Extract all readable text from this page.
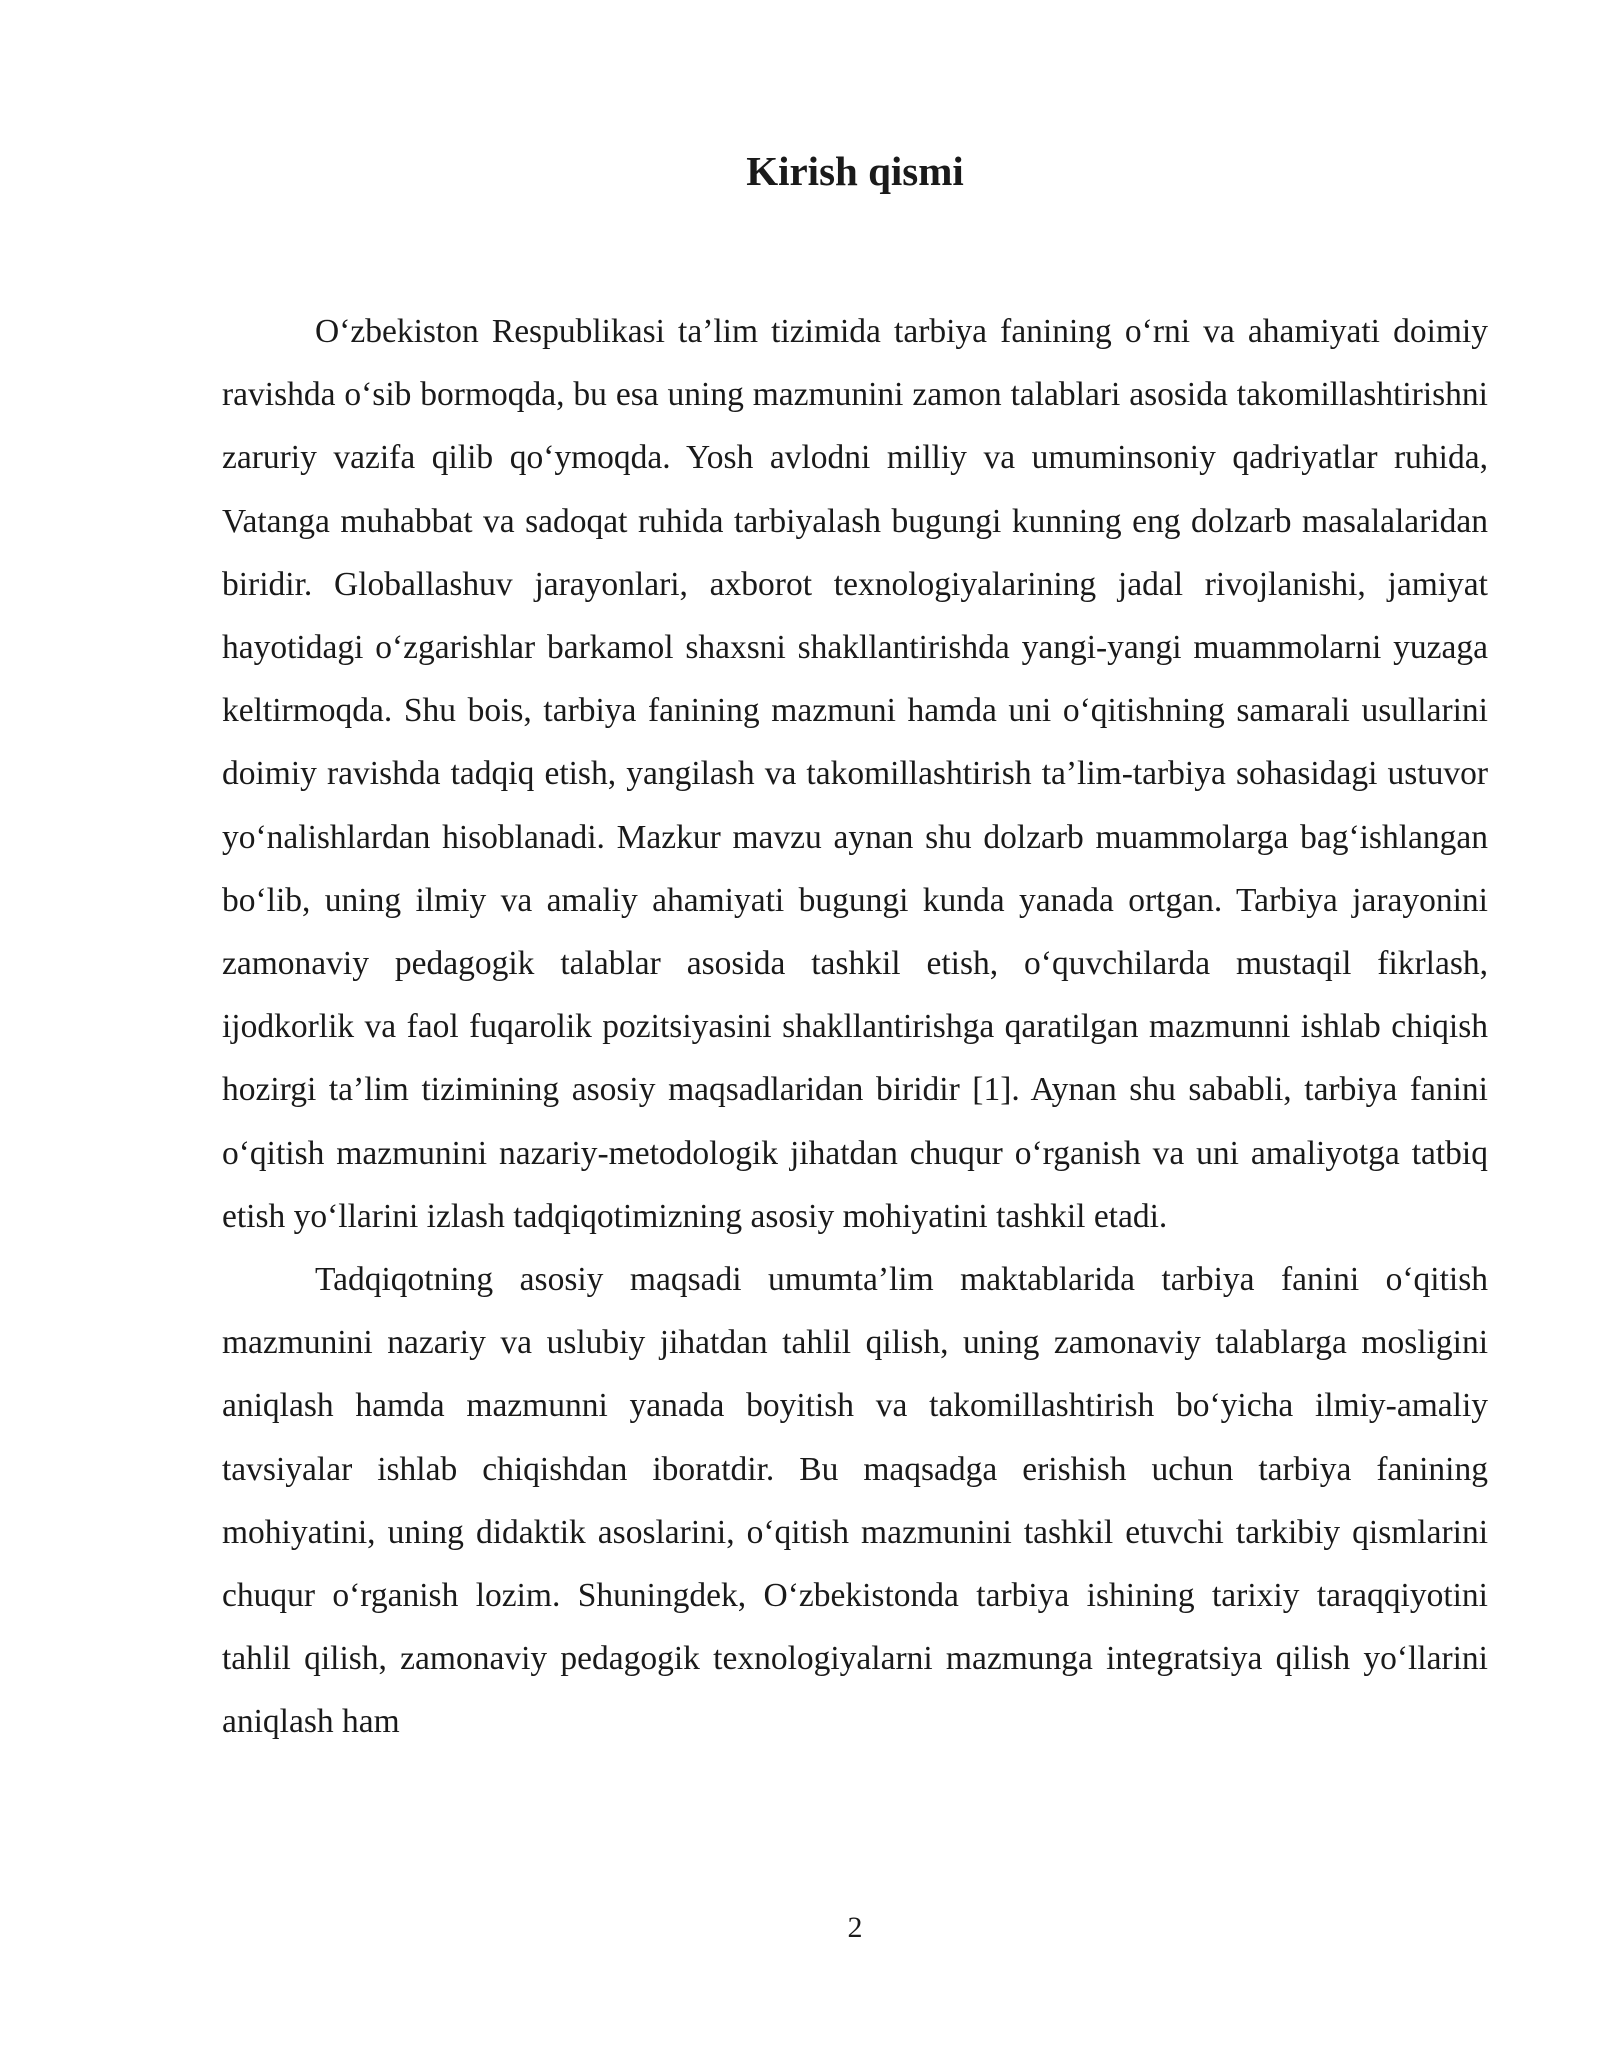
Kirish qismi

O‘zbekiston Respublikasi ta’lim tizimida tarbiya fanining o‘rni va ahamiyati doimiy ravishda o‘sib bormoqda, bu esa uning mazmunini zamon talablari asosida takomillashtirishni zaruriy vazifa qilib qo‘ymoqda. Yosh avlodni milliy va umuminsoniy qadriyatlar ruhida, Vatanga muhabbat va sadoqat ruhida tarbiyalash bugungi kunning eng dolzarb masalalaridan biridir. Globallashuv jarayonlari, axborot texnologiyalarining jadal rivojlanishi, jamiyat hayotidagi o‘zgarishlar barkamol shaxsni shakllantirishda yangi-yangi muammolarni yuzaga keltirmoqda. Shu bois, tarbiya fanining mazmuni hamda uni o‘qitishning samarali usullarini doimiy ravishda tadqiq etish, yangilash va takomillashtirish ta’lim-tarbiya sohasidagi ustuvor yo‘nalishlardan hisoblanadi. Mazkur mavzu aynan shu dolzarb muammolarga bag‘ishlangan bo‘lib, uning ilmiy va amaliy ahamiyati bugungi kunda yanada ortgan. Tarbiya jarayonini zamonaviy pedagogik talablar asosida tashkil etish, o‘quvchilarda mustaqil fikrlash, ijodkorlik va faol fuqarolik pozitsiyasini shakllantirishga qaratilgan mazmunni ishlab chiqish hozirgi ta’lim tizimining asosiy maqsadlaridan biridir [1]. Aynan shu sababli, tarbiya fanini o‘qitish mazmunini nazariy-metodologik jihatdan chuqur o‘rganish va uni amaliyotga tatbiq etish yo‘llarini izlash tadqiqotimizning asosiy mohiyatini tashkil etadi.

Tadqiqotning asosiy maqsadi umumta’lim maktablarida tarbiya fanini o‘qitish mazmunini nazariy va uslubiy jihatdan tahlil qilish, uning zamonaviy talablarga mosligini aniqlash hamda mazmunni yanada boyitish va takomillashtirish bo‘yicha ilmiy-amaliy tavsiyalar ishlab chiqishdan iboratdir. Bu maqsadga erishish uchun tarbiya fanining mohiyatini, uning didaktik asoslarini, o‘qitish mazmunini tashkil etuvchi tarkibiy qismlarini chuqur o‘rganish lozim. Shuningdek, O‘zbekistonda tarbiya ishining tarixiy taraqqiyotini tahlil qilish, zamonaviy pedagogik texnologiyalarni mazmunga integratsiya qilish yo‘llarini aniqlash ham

2
